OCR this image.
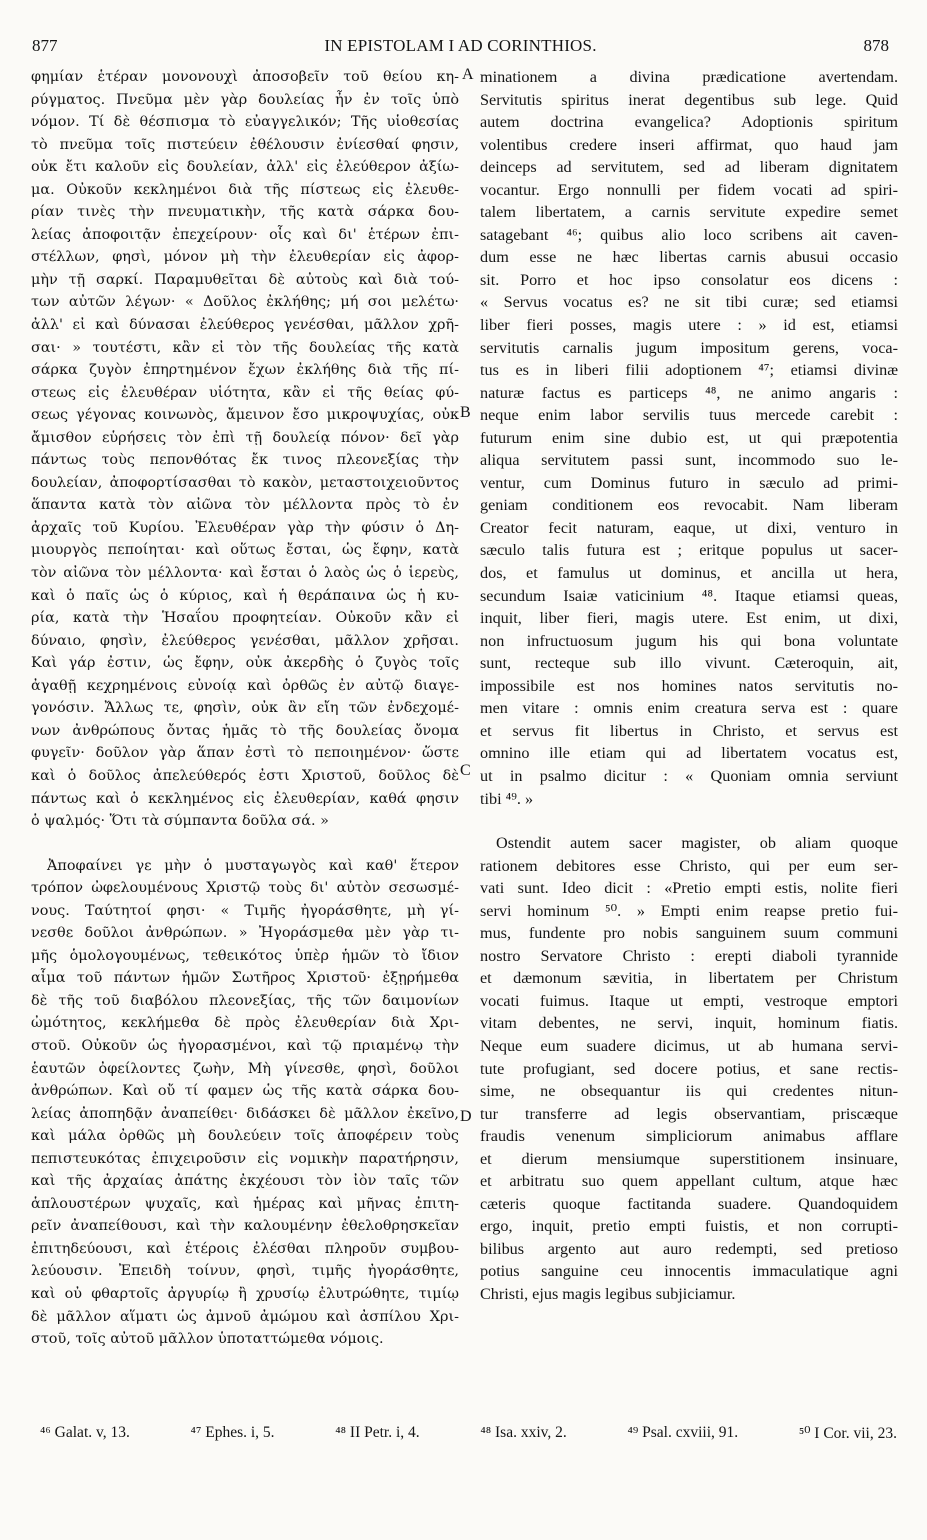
877	IN EPISTOLAM I AD CORINTHIOS.	878
φημίαν ἑτέραν μονονουχὶ ἀποσοβεῖν τοῦ θείου κη-
ρύγματος. Πνεῦμα μὲν γὰρ δουλείας ἦν ἐν τοῖς ὑπὸ
νόμον. Τί δὲ θέσπισμα τὸ εὐαγγελικόν; Τῆς υἱοθεσίας
τὸ πνεῦμα τοῖς πιστεύειν ἐθέλουσιν ἐνίεσθαί φησιν,
οὐκ ἔτι καλοῦν εἰς δουλείαν, ἀλλ' εἰς ἐλεύθερον ἀξίω-
μα. Οὐκοῦν κεκλημένοι διὰ τῆς πίστεως εἰς ἐλευθε-
ρίαν τινὲς τὴν πνευματικὴν, τῆς κατὰ σάρκα δου-
λείας ἀποφοιτᾷν ἐπεχείρουν· οἷς καὶ δι' ἑτέρων ἐπι-
στέλλων, φησὶ, μόνον μὴ τὴν ἐλευθερίαν εἰς ἀφορ-
μὴν τῇ σαρκί. Παραμυθεῖται δὲ αὐτοὺς καὶ διὰ τού-
των αὐτῶν λέγων· « Δοῦλος ἐκλήθης; μή σοι μελέτω·
ἀλλ' εἰ καὶ δύνασαι ἐλεύθερος γενέσθαι, μᾶλλον χρῆ-
σαι· » τουτέστι, κἂν εἰ τὸν τῆς δουλείας τῆς κατὰ
σάρκα ζυγὸν ἐπηρτημένον ἔχων ἐκλήθης διὰ τῆς πί-
στεως εἰς ἐλευθέραν υἱότητα, κἂν εἰ τῆς θείας φύ-
σεως γέγονας κοινωνὸς, ἄμεινον ἔσο μικροψυχίας, οὐκ
ἄμισθον εὑρήσεις τὸν ἐπὶ τῇ δουλείᾳ πόνον· δεῖ γὰρ
πάντως τοὺς πεπονθότας ἔκ τινος πλεονεξίας τὴν
δουλείαν, ἀποφορτίσασθαι τὸ κακὸν, μεταστοιχειοῦντος
ἅπαντα κατὰ τὸν αἰῶνα τὸν μέλλοντα πρὸς τὸ ἐν
ἀρχαῖς τοῦ Κυρίου. Ἐλευθέραν γὰρ τὴν φύσιν ὁ Δη-
μιουργὸς πεποίηται· καὶ οὕτως ἔσται, ὡς ἔφην, κατὰ
τὸν αἰῶνα τὸν μέλλοντα· καὶ ἔσται ὁ λαὸς ὡς ὁ ἱερεὺς,
καὶ ὁ παῖς ὡς ὁ κύριος, καὶ ἡ θεράπαινα ὡς ἡ κυ-
ρία, κατὰ τὴν Ἡσαΐου προφητείαν. Οὐκοῦν κἂν εἰ
δύναιο, φησὶν, ἐλεύθερος γενέσθαι, μᾶλλον χρῆσαι.
Καὶ γάρ ἐστιν, ὡς ἔφην, οὐκ ἀκερδὴς ὁ ζυγὸς τοῖς
ἀγαθῇ κεχρημένοις εὐνοίᾳ καὶ ὀρθῶς ἐν αὐτῷ διαγε-
γονόσιν. Ἄλλως τε, φησὶν, οὐκ ἂν εἴη τῶν ἐνδεχομέ-
νων ἀνθρώπους ὄντας ἡμᾶς τὸ τῆς δουλείας ὄνομα
φυγεῖν· δοῦλον γὰρ ἅπαν ἐστὶ τὸ πεποιημένον· ὥστε
καὶ ὁ δοῦλος ἀπελεύθερός ἐστι Χριστοῦ, δοῦλος δὲ
πάντως καὶ ὁ κεκλημένος εἰς ἐλευθερίαν, καθά φησιν
ὁ ψαλμός· Ὅτι τὰ σύμπαντα δοῦλα σά. »
Ἀποφαίνει γε μὴν ὁ μυσταγωγὸς καὶ καθ' ἕτερον
τρόπον ὠφελουμένους Χριστῷ τοὺς δι' αὐτὸν σεσωσμέ-
νους. Ταύτητοί φησι· « Τιμῆς ἠγοράσθητε, μὴ γί-
νεσθε δοῦλοι ἀνθρώπων. » Ἠγοράσμεθα μὲν γὰρ τι-
μῆς ὁμολογουμένως, τεθεικότος ὑπὲρ ἡμῶν τὸ ἴδιον
αἷμα τοῦ πάντων ἡμῶν Σωτῆρος Χριστοῦ· ἐξῃρήμεθα
δὲ τῆς τοῦ διαβόλου πλεονεξίας, τῆς τῶν δαιμονίων
ὠμότητος, κεκλήμεθα δὲ πρὸς ἐλευθερίαν διὰ Χρι-
στοῦ. Οὐκοῦν ὡς ἠγορασμένοι, καὶ τῷ πριαμένῳ τὴν
ἑαυτῶν ὀφείλοντες ζωὴν, Μὴ γίνεσθε, φησὶ, δοῦλοι
ἀνθρώπων. Καὶ οὔ τί φαμεν ὡς τῆς κατὰ σάρκα δου-
λείας ἀποπηδᾷν ἀναπείθει· διδάσκει δὲ μᾶλλον ἐκεῖνο,
καὶ μάλα ὀρθῶς μὴ δουλεύειν τοῖς ἀποφέρειν τοὺς
πεπιστευκότας ἐπιχειροῦσιν εἰς νομικὴν παρατήρησιν,
καὶ τῆς ἀρχαίας ἀπάτης ἐκχέουσι τὸν ἰὸν ταῖς τῶν
ἁπλουστέρων ψυχαῖς, καὶ ἡμέρας καὶ μῆνας ἐπιτη-
ρεῖν ἀναπείθουσι, καὶ τὴν καλουμένην ἐθελοθρησκεῖαν
ἐπιτηδεύουσι, καὶ ἑτέροις ἐλέσθαι πληροῦν συμβου-
λεύουσιν. Ἐπειδὴ τοίνυν, φησὶ, τιμῆς ἠγοράσθητε,
καὶ οὐ φθαρτοῖς ἀργυρίῳ ἢ χρυσίῳ ἐλυτρώθητε, τιμίῳ
δὲ μᾶλλον αἵματι ὡς ἀμνοῦ ἀμώμου καὶ ἀσπίλου Χρι-
στοῦ, τοῖς αὐτοῦ μᾶλλον ὑποταττώμεθα νόμοις.
minationem a divina prædicatione avertendam.
Servitutis spiritus inerat degentibus sub lege. Quid
autem doctrina evangelica? Adoptionis spiritum
volentibus credere inseri affirmat, quo haud jam
deinceps ad servitutem, sed ad liberam dignitatem
vocantur. Ergo nonnulli per fidem vocati ad spiri-
talem libertatem, a carnis servitute expedire semet
satagebant ⁴⁶; quibus alio loco scribens ait caven-
dum esse ne hæc libertas carnis abusui occasio
sit. Porro et hoc ipso consolatur eos dicens :
« Servus vocatus es? ne sit tibi curæ; sed etiamsi
liber fieri posses, magis utere : » id est, etiamsi
servitutis carnalis jugum impositum gerens, voca-
tus es in liberi filii adoptionem ⁴⁷; etiamsi divinæ
naturæ factus es particeps ⁴⁸, ne animo angaris :
neque enim labor servilis tuus mercede carebit :
futurum enim sine dubio est, ut qui præpotentia
aliqua servitutem passi sunt, incommodo suo le-
ventur, cum Dominus futuro in sæculo ad primi-
geniam conditionem eos revocabit. Nam liberam
Creator fecit naturam, eaque, ut dixi, venturo in
sæculo talis futura est ; eritque populus ut sacer-
dos, et famulus ut dominus, et ancilla ut hera,
secundum Isaiæ vaticinium ⁴⁸. Itaque etiamsi queas,
inquit, liber fieri, magis utere. Est enim, ut dixi,
non infructuosum jugum his qui bona voluntate
sunt, recteque sub illo vivunt. Cæteroquin, ait,
impossibile est nos homines natos servitutis no-
men vitare : omnis enim creatura serva est : quare
et servus fit libertus in Christo, et servus est
omnino ille etiam qui ad libertatem vocatus est,
ut in psalmo dicitur : « Quoniam omnia serviunt
tibi ⁴⁹. »
Ostendit autem sacer magister, ob aliam quoque
rationem debitores esse Christo, qui per eum ser-
vati sunt. Ideo dicit : «Pretio empti estis, nolite fieri
servi hominum ⁵⁰. » Empti enim reapse pretio fui-
mus, fundente pro nobis sanguinem suum communi
nostro Servatore Christo : erepti diaboli tyrannide
et dæmonum sævitia, in libertatem per Christum
vocati fuimus. Itaque ut empti, vestroque emptori
vitam debentes, ne servi, inquit, hominum fiatis.
Neque eum suadere dicimus, ut ab humana servi-
tute profugiant, sed docere potius, et sane rectis-
sime, ne obsequantur iis qui credentes nitun-
tur transferre ad legis observantiam, priscæque
fraudis venenum simpliciorum animabus afflare
et dierum mensiumque superstitionem insinuare,
et arbitratu suo quem appellant cultum, atque hæc
cæteris quoque factitanda suadere. Quandoquidem
ergo, inquit, pretio empti fuistis, et non corrupti-
bilibus argento aut auro redempti, sed pretioso
potius sanguine ceu innocentis immaculatique agni
Christi, ejus magis legibus subjiciamur.
A
B
C
D
⁴⁶ Galat. v, 13.	⁴⁷ Ephes. i, 5.	⁴⁸ II Petr. i, 4.	⁴⁸ Isa. xxiv, 2.	⁴⁹ Psal. cxviii, 91.	⁵⁰ I Cor. vii, 23.
